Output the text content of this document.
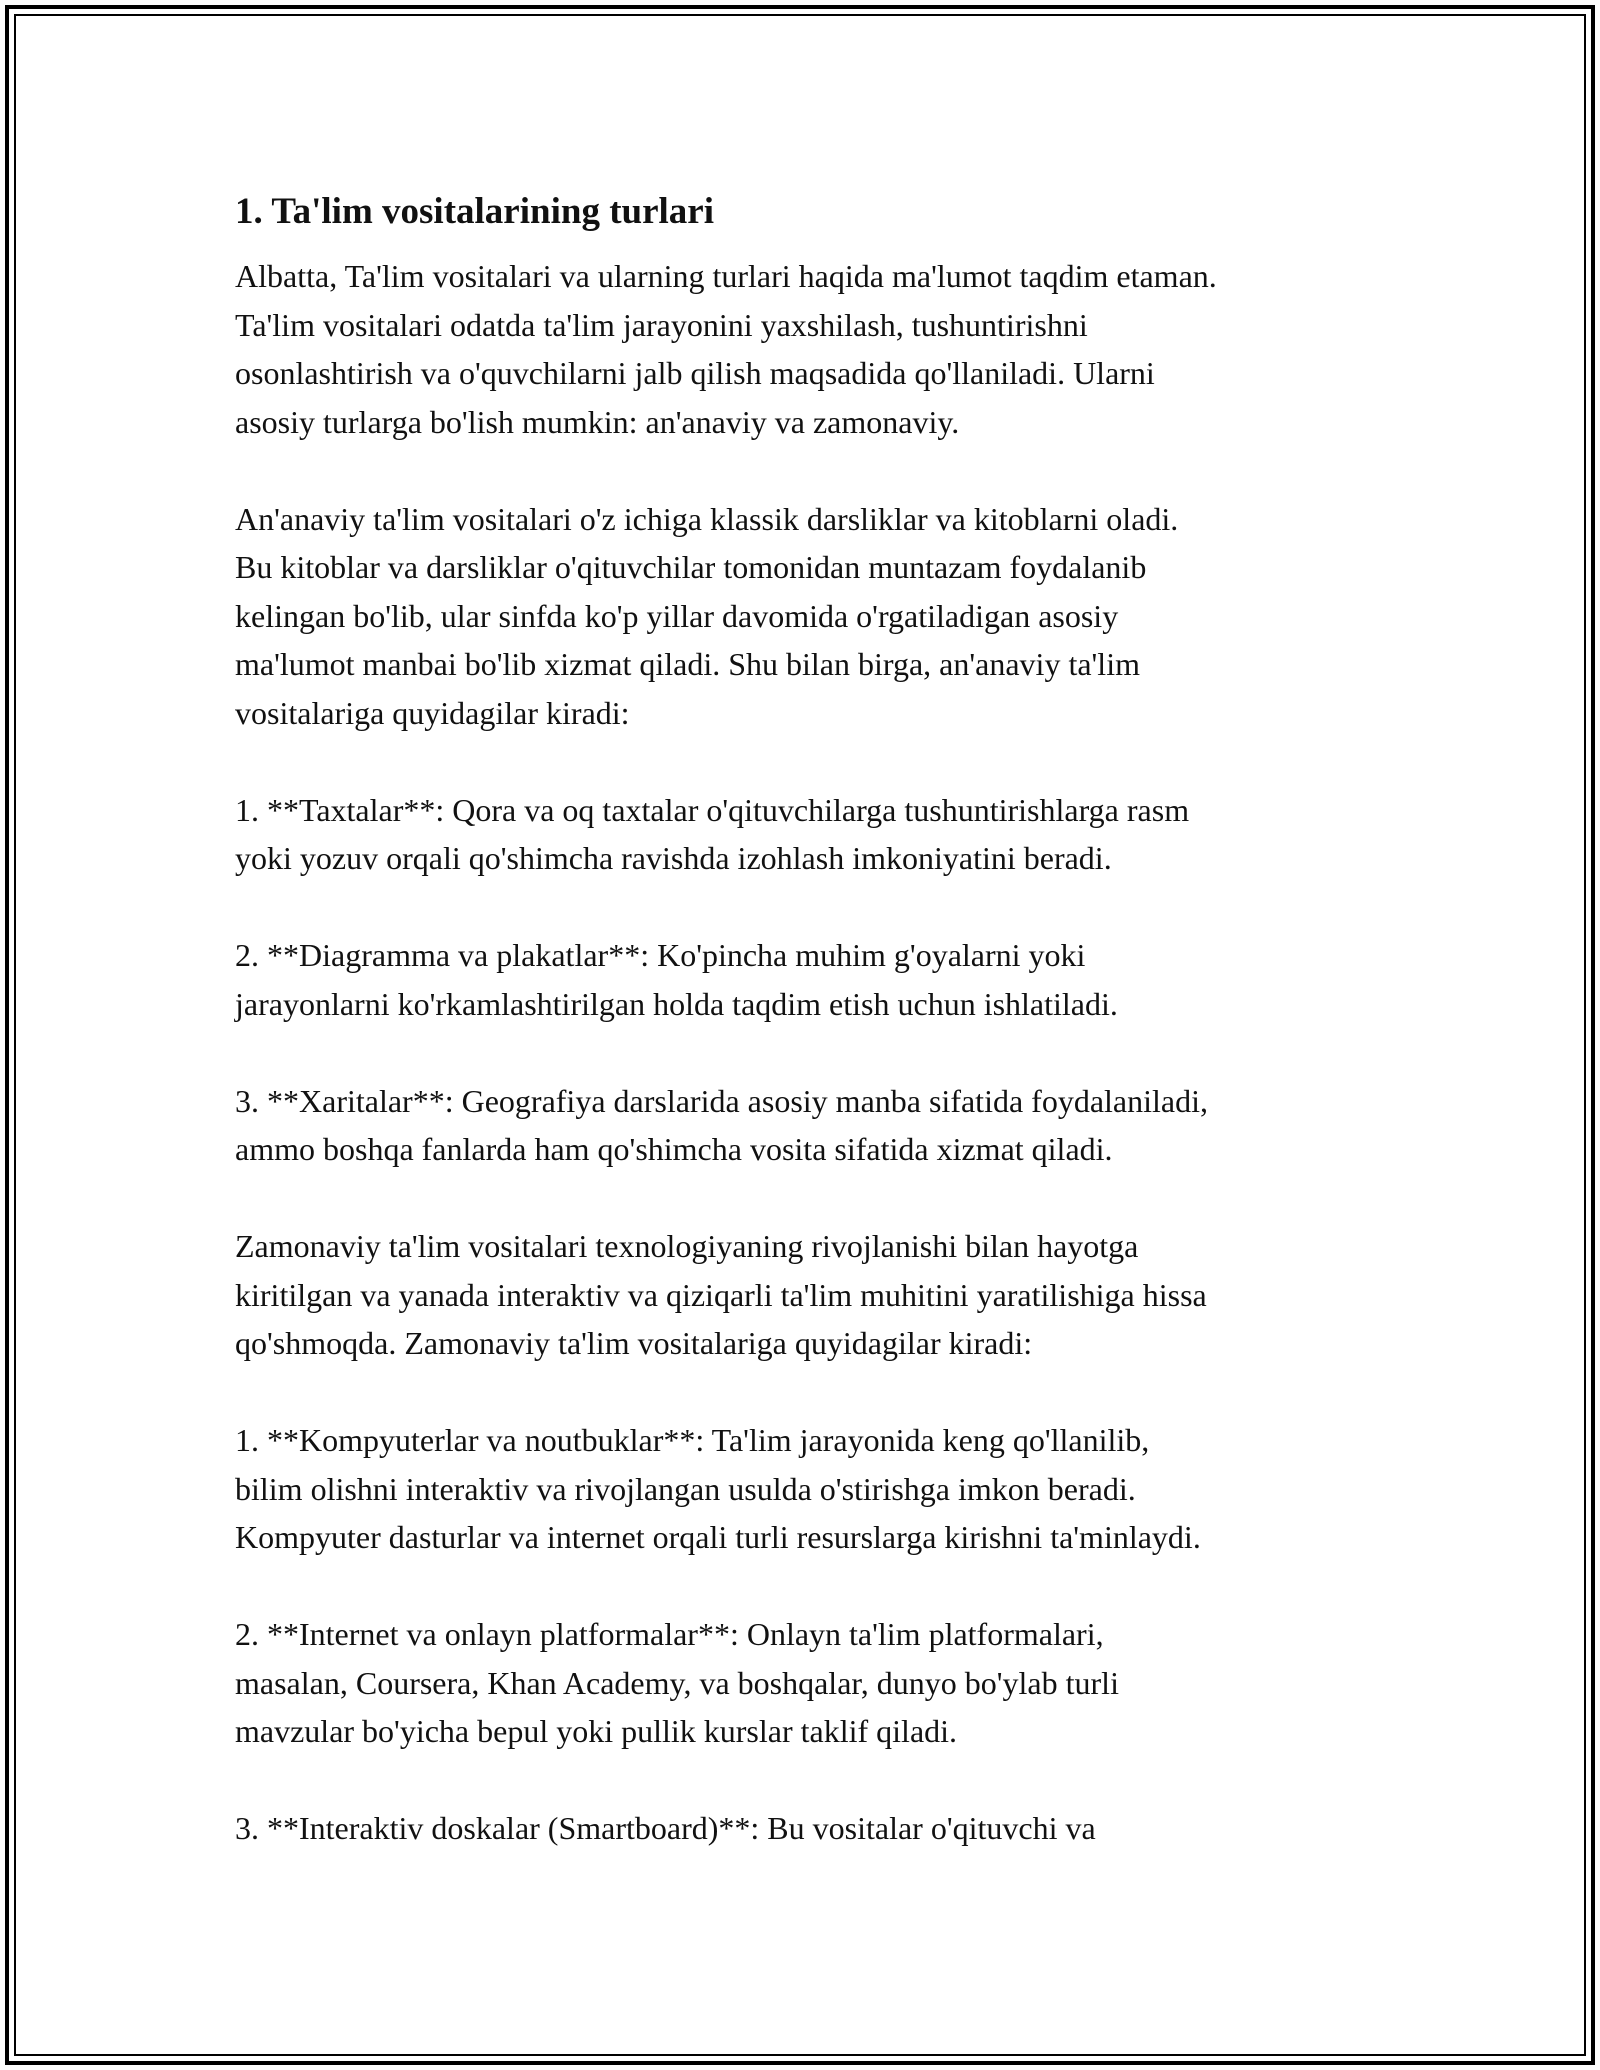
1. Ta'lim vositalarining turlari
Albatta, Ta'lim vositalari va ularning turlari haqida ma'lumot taqdim etaman.
Ta'lim vositalari odatda ta'lim jarayonini yaxshilash, tushuntirishni
osonlashtirish va o'quvchilarni jalb qilish maqsadida qo'llaniladi. Ularni
asosiy turlarga bo'lish mumkin: an'anaviy va zamonaviy.
An'anaviy ta'lim vositalari o'z ichiga klassik darsliklar va kitoblarni oladi.
Bu kitoblar va darsliklar o'qituvchilar tomonidan muntazam foydalanib
kelingan bo'lib, ular sinfda ko'p yillar davomida o'rgatiladigan asosiy
ma'lumot manbai bo'lib xizmat qiladi. Shu bilan birga, an'anaviy ta'lim
vositalariga quyidagilar kiradi:
1. **Taxtalar**: Qora va oq taxtalar o'qituvchilarga tushuntirishlarga rasm
yoki yozuv orqali qo'shimcha ravishda izohlash imkoniyatini beradi.
2. **Diagramma va plakatlar**: Ko'pincha muhim g'oyalarni yoki
jarayonlarni ko'rkamlashtirilgan holda taqdim etish uchun ishlatiladi.
3. **Xaritalar**: Geografiya darslarida asosiy manba sifatida foydalaniladi,
ammo boshqa fanlarda ham qo'shimcha vosita sifatida xizmat qiladi.
Zamonaviy ta'lim vositalari texnologiyaning rivojlanishi bilan hayotga
kiritilgan va yanada interaktiv va qiziqarli ta'lim muhitini yaratilishiga hissa
qo'shmoqda. Zamonaviy ta'lim vositalariga quyidagilar kiradi:
1. **Kompyuterlar va noutbuklar**: Ta'lim jarayonida keng qo'llanilib,
bilim olishni interaktiv va rivojlangan usulda o'stirishga imkon beradi.
Kompyuter dasturlar va internet orqali turli resurslarga kirishni ta'minlaydi.
2. **Internet va onlayn platformalar**: Onlayn ta'lim platformalari,
masalan, Coursera, Khan Academy, va boshqalar, dunyo bo'ylab turli
mavzular bo'yicha bepul yoki pullik kurslar taklif qiladi.
3. **Interaktiv doskalar (Smartboard)**: Bu vositalar o'qituvchi va
